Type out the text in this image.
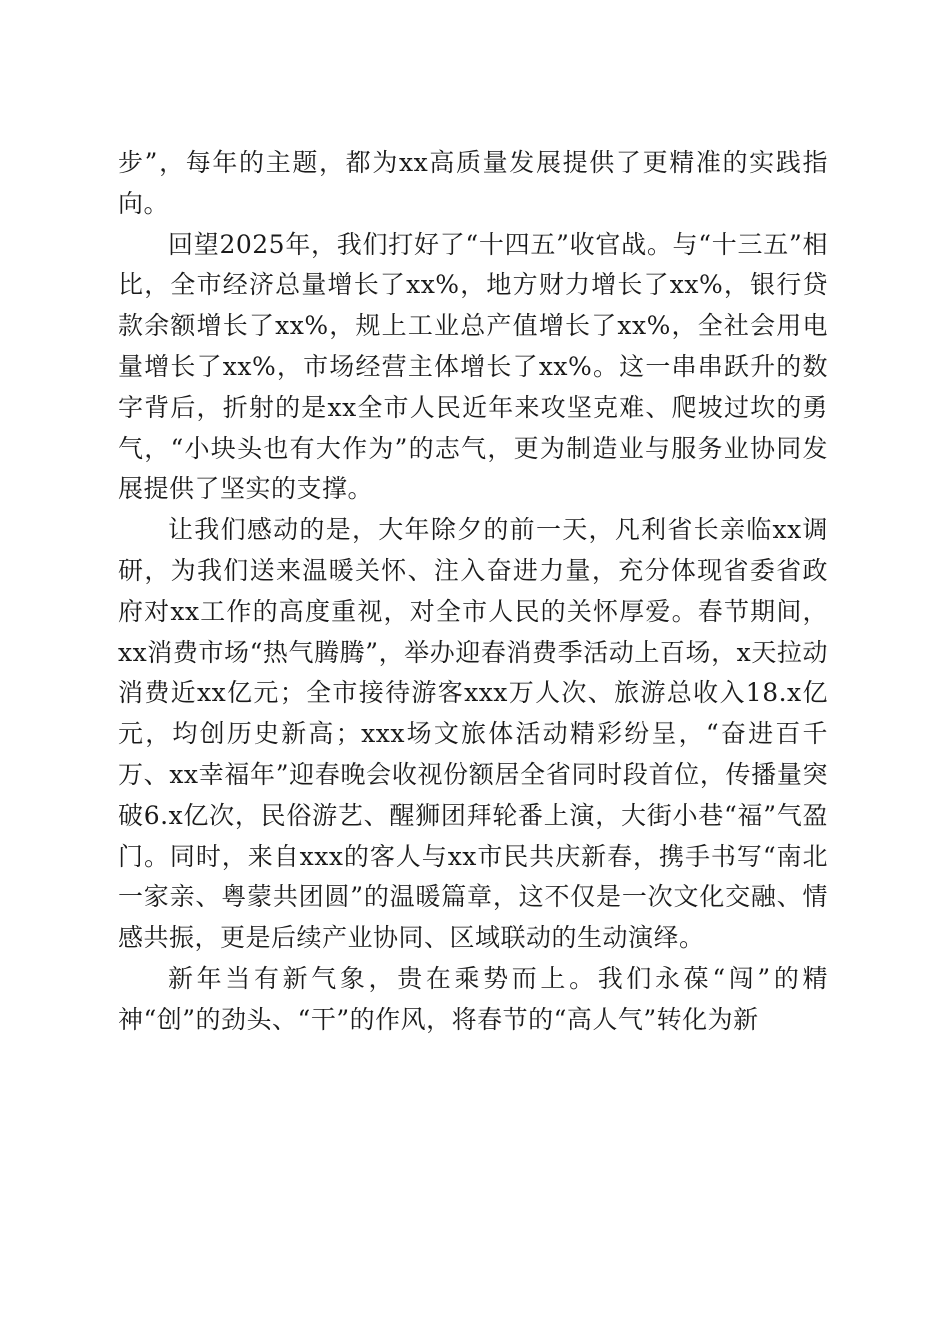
步”，每年的主题，都为xx高质量发展提供了更精准的实践指向。

回望2025年，我们打好了“十四五”收官战。与“十三五”相比，全市经济总量增长了xx%，地方财力增长了xx%，银行贷款余额增长了xx%，规上工业总产值增长了xx%，全社会用电量增长了xx%，市场经营主体增长了xx%。这一串串跃升的数字背后，折射的是xx全市人民近年来攻坚克难、爬坡过坎的勇气，“小块头也有大作为”的志气，更为制造业与服务业协同发展提供了坚实的支撑。

让我们感动的是，大年除夕的前一天，凡利省长亲临xx调研，为我们送来温暖关怀、注入奋进力量，充分体现省委省政府对xx工作的高度重视，对全市人民的关怀厚爱。春节期间，xx消费市场“热气腾腾”，举办迎春消费季活动上百场，x天拉动消费近xx亿元；全市接待游客xxx万人次、旅游总收入18.x亿元，均创历史新高；xxx场文旅体活动精彩纷呈，“奋进百千万、xx幸福年”迎春晚会收视份额居全省同时段首位，传播量突破6.x亿次，民俗游艺、醒狮团拜轮番上演，大街小巷“福”气盈门。同时，来自xxx的客人与xx市民共庆新春，携手书写“南北一家亲、粤蒙共团圆”的温暖篇章，这不仅是一次文化交融、情感共振，更是后续产业协同、区域联动的生动演绎。

新年当有新气象，贵在乘势而上。我们永葆“闯”的精神“创”的劲头、“干”的作风，将春节的“高人气”转化为新
